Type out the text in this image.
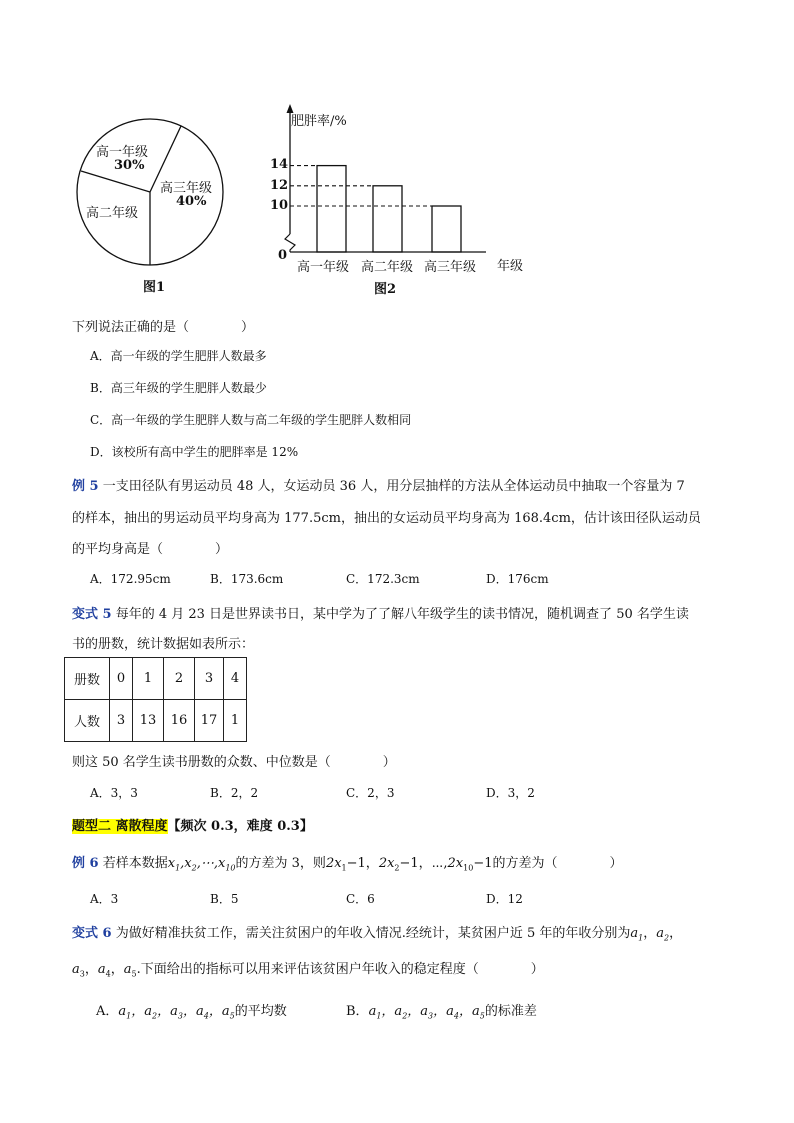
高一年级
30%
高二年级
高三年级
40%
图1
肥胖率/%
14
12
10
0
高一年级 高二年级 高三年级 年级
图2
下列说法正确的是（　　　　）
A．高一年级的学生肥胖人数最多
B．高三年级的学生肥胖人数最少
C．高一年级的学生肥胖人数与高二年级的学生肥胖人数相同
D．该校所有高中学生的肥胖率是 12%
例 5 一支田径队有男运动员 48 人，女运动员 36 人，用分层抽样的方法从全体运动员中抽取一个容量为 7
的样本，抽出的男运动员平均身高为 177.5cm，抽出的女运动员平均身高为 168.4cm，估计该田径队运动员
的平均身高是（　　　　）
A．172.95cm	B．173.6cm	C．172.3cm	D．176cm
变式 5 每年的 4 月 23 日是世界读书日，某中学为了了解八年级学生的读书情况，随机调查了 50 名学生读
书的册数，统计数据如表所示：
册数	0	1	2	3	4
人数	3	13	16	17	1
则这 50 名学生读书册数的众数、中位数是（　　　　）
A．3，3	B．2，2	C．2，3	D．3，2
题型二 离散程度【频次 0.3，难度 0.3】
例 6 若样本数据$x_1,x_2,\cdots,x_{10}$的方差为 3，则$2x_1-1$，$2x_2-1$，$\cdots,2x_{10}-1$的方差为（　　　　）
A．3	B．5	C．6	D．12
变式 6 为做好精准扶贫工作，需关注贫困户的年收入情况.经统计，某贫困户近 5 年的年收分别为$a_1$，$a_2$，
$a_3$，$a_4$，$a_5$.下面给出的指标可以用来评估该贫困户年收入的稳定程度（　　　　）
A．$a_1$，$a_2$，$a_3$，$a_4$，$a_5$的平均数	B．$a_1$，$a_2$，$a_3$，$a_4$，$a_5$的标准差
